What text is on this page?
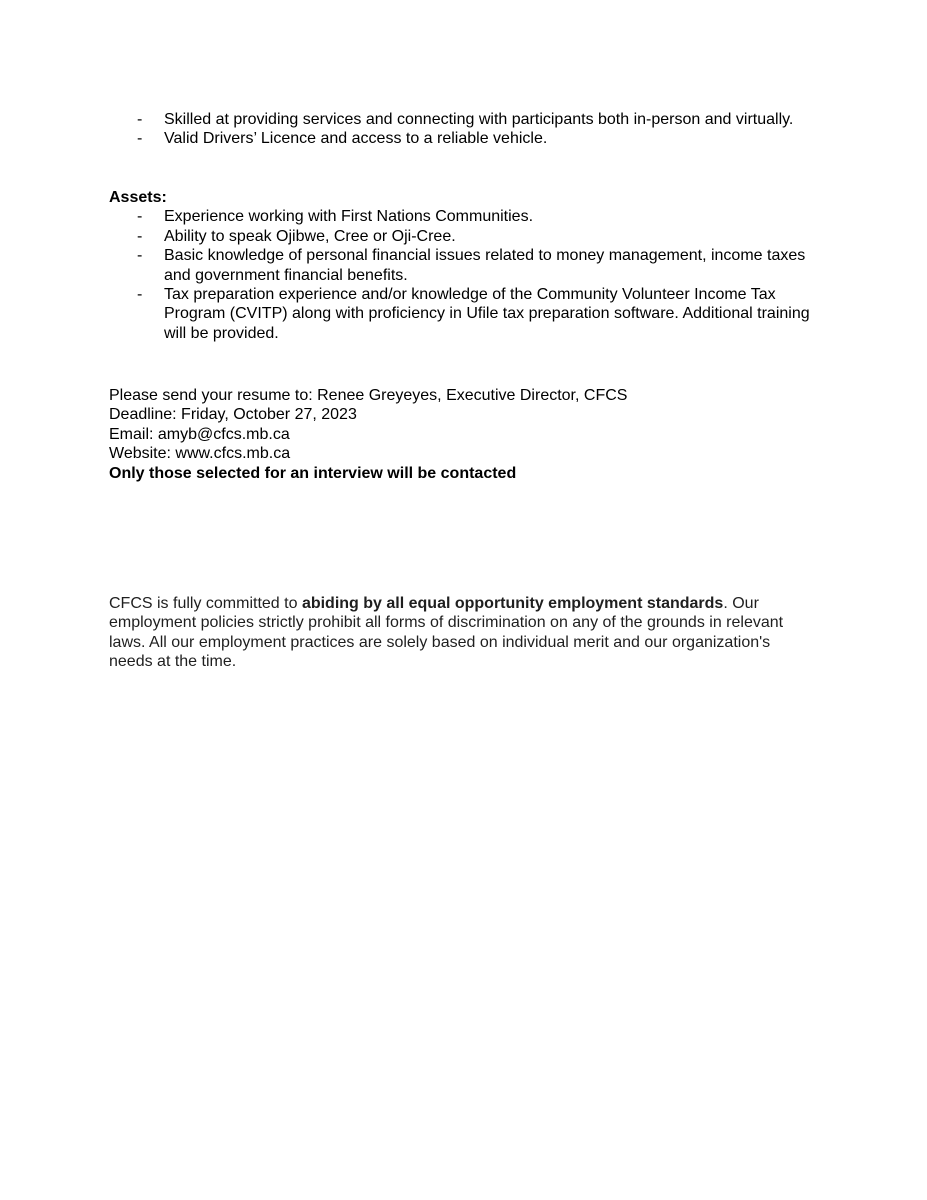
- Skilled at providing services and connecting with participants both in-person and virtually.
- Valid Drivers’ Licence and access to a reliable vehicle.
Assets:
- Experience working with First Nations Communities.
- Ability to speak Ojibwe, Cree or Oji-Cree.
- Basic knowledge of personal financial issues related to money management, income taxes and government financial benefits.
- Tax preparation experience and/or knowledge of the Community Volunteer Income Tax Program (CVITP) along with proficiency in Ufile tax preparation software. Additional training will be provided.
Please send your resume to: Renee Greyeyes, Executive Director, CFCS
Deadline: Friday, October 27, 2023
Email: amyb@cfcs.mb.ca
Website: www.cfcs.mb.ca
Only those selected for an interview will be contacted
CFCS is fully committed to abiding by all equal opportunity employment standards. Our employment policies strictly prohibit all forms of discrimination on any of the grounds in relevant laws. All our employment practices are solely based on individual merit and our organization's needs at the time.
